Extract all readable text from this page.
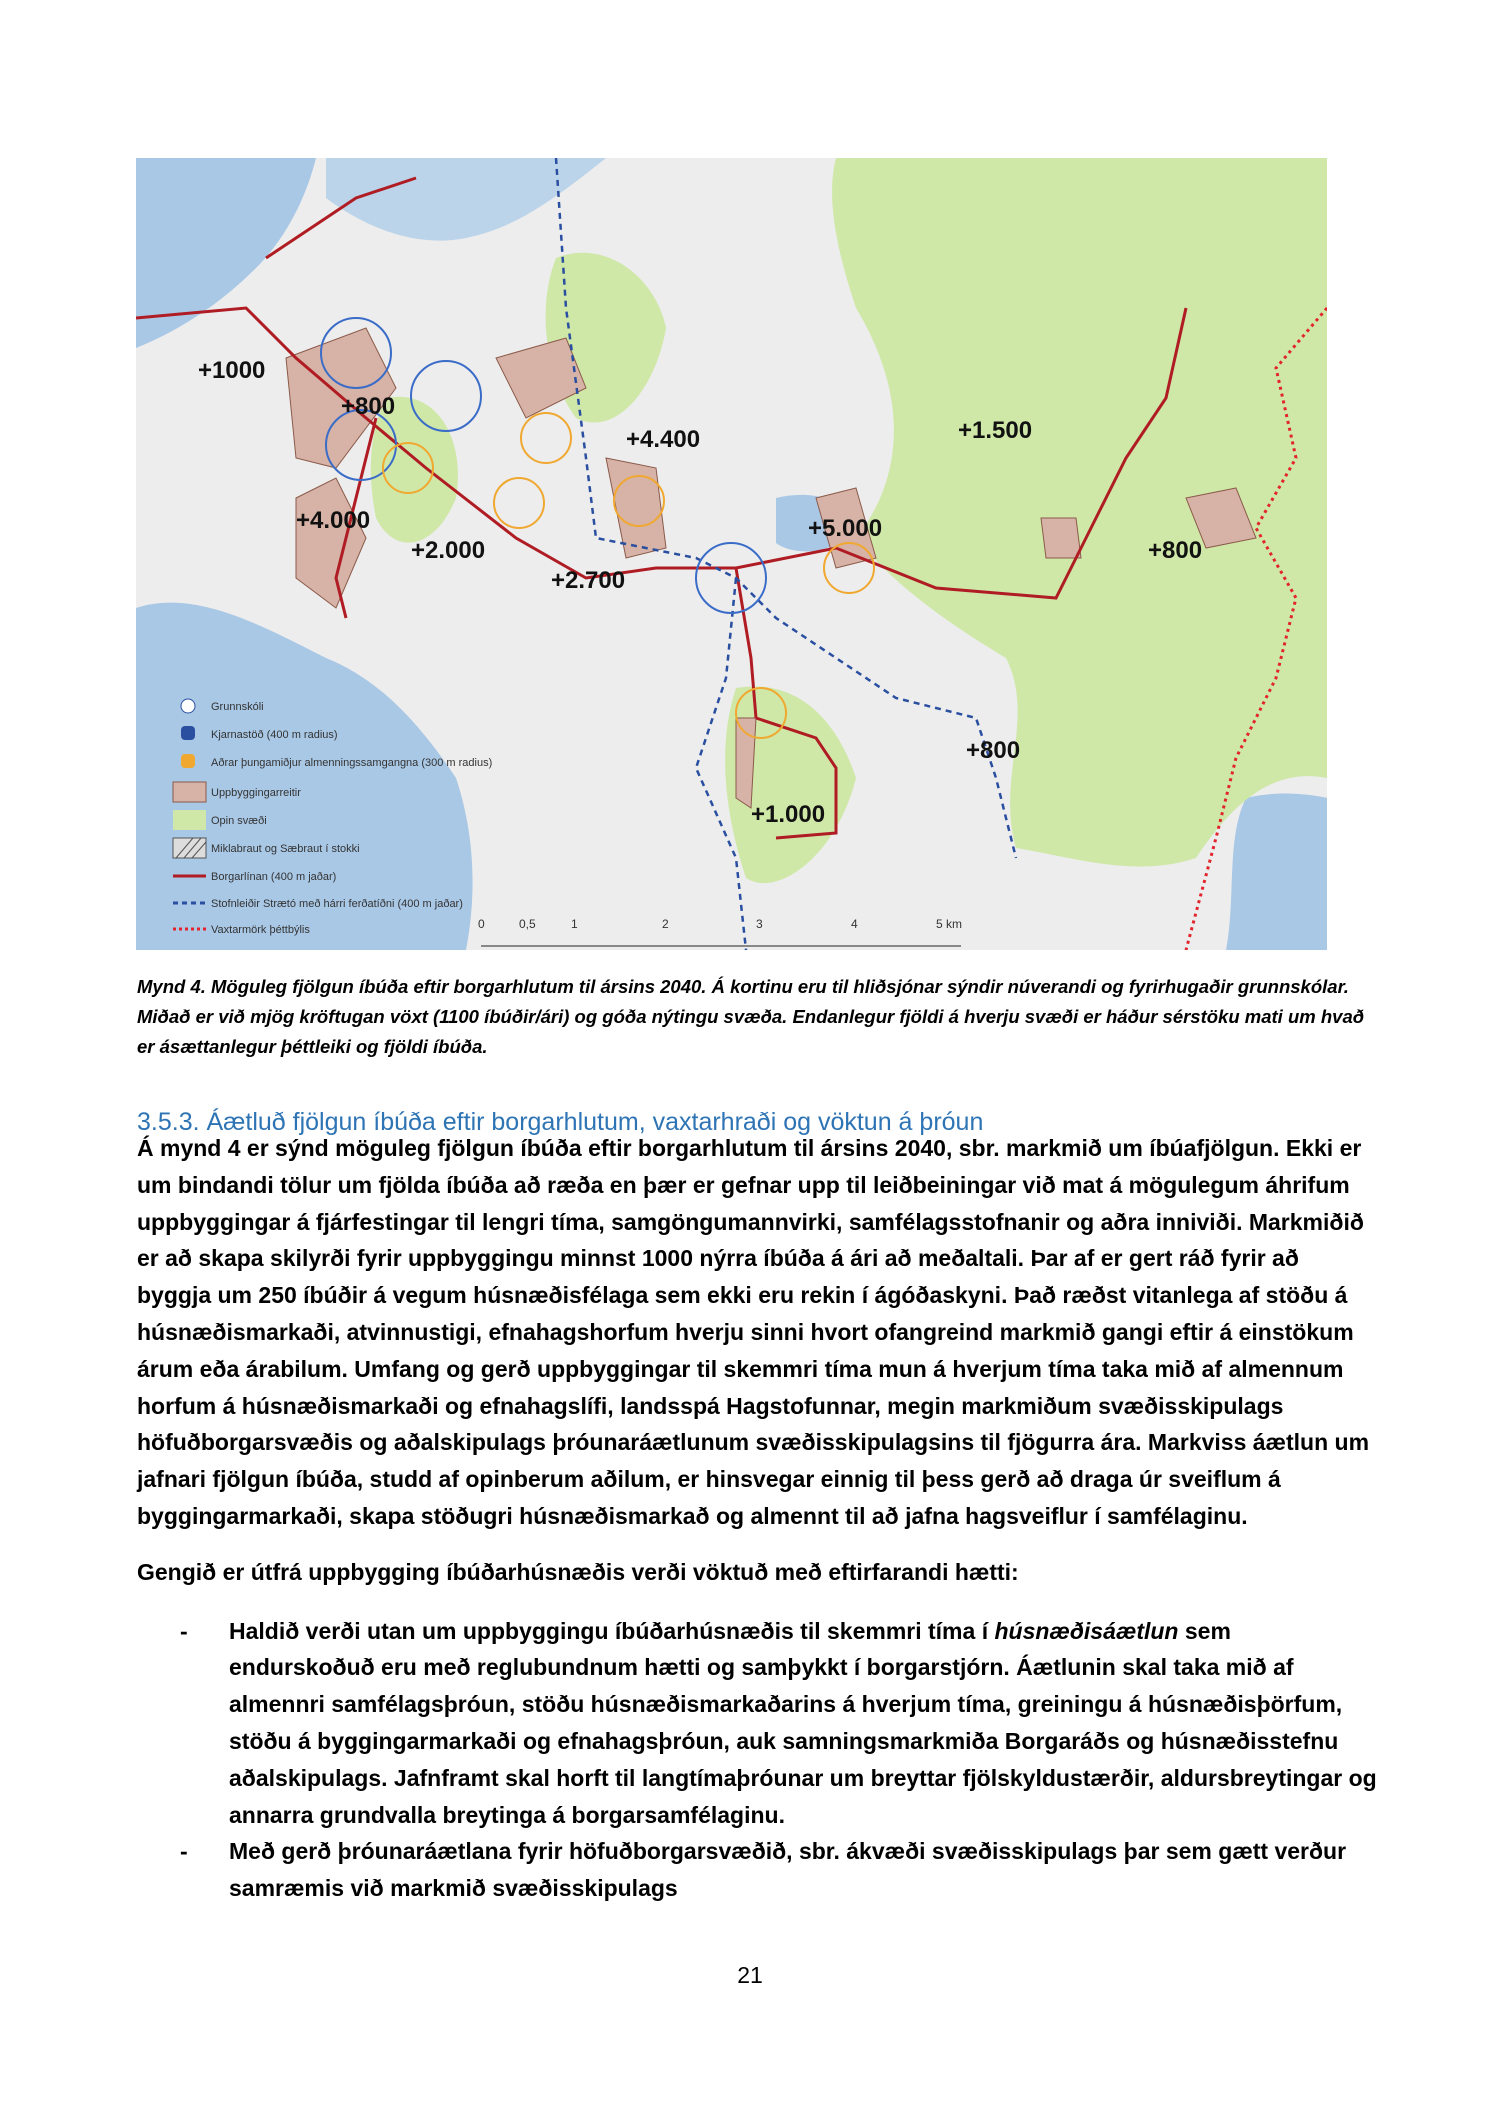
+1000
+800
+4.000
+2.000
+2.700
+4.400	+1.500
+5.000
+800
+800
+1.000
Grunnskóli
Kjarnastöð (400 m radius)
Aðrar þungamiðjur almenningssamgangna (300 m radius)
Uppbyggingarreitir
Opin svæði
Miklabraut og Sæbraut í stokki
Borgarlínan (400 m jaðar)
Stofnleiðir Strætó með hárri ferðatíðni (400 m jaðar)
Vaxtarmörk þéttbýlis	0	0,5	1	2	3	4	5 km
Mynd 4. Möguleg fjölgun íbúða eftir borgarhlutum til ársins 2040. Á kortinu eru til hliðsjónar sýndir núverandi og fyrirhugaðir grunnskólar. Miðað er við mjög kröftugan vöxt (1100 íbúðir/ári) og góða nýtingu svæða. Endanlegur fjöldi á hverju svæði er háður sérstöku mati um hvað er ásættanlegur þéttleiki og fjöldi íbúða.
3.5.3. Áætluð fjölgun íbúða eftir borgarhlutum, vaxtarhraði og vöktun á þróun

Á mynd 4 er sýnd möguleg fjölgun íbúða eftir borgarhlutum til ársins 2040, sbr. markmið um íbúafjölgun. Ekki er um bindandi tölur um fjölda íbúða að ræða en þær er gefnar upp til leiðbeiningar við mat á mögulegum áhrifum uppbyggingar á fjárfestingar til lengri tíma, samgöngumannvirki, samfélagsstofnanir og aðra inniviði. Markmiðið er að skapa skilyrði fyrir uppbyggingu minnst 1000 nýrra íbúða á ári að meðaltali. Þar af er gert ráð fyrir að byggja um 250 íbúðir á vegum húsnæðisfélaga sem ekki eru rekin í ágóðaskyni. Það ræðst vitanlega af stöðu á húsnæðismarkaði, atvinnustigi, efnahagshorfum hverju sinni hvort ofangreind markmið gangi eftir á einstökum árum eða árabilum. Umfang og gerð uppbyggingar til skemmri tíma mun á hverjum tíma taka mið af almennum horfum á húsnæðismarkaði og efnahagslífi, landsspá Hagstofunnar, megin markmiðum svæðisskipulags höfuðborgarsvæðis og aðalskipulags þróunaráætlunum svæðisskipulagsins til fjögurra ára. Markviss áætlun um jafnari fjölgun íbúða, studd af opinberum aðilum, er hinsvegar einnig til þess gerð að draga úr sveiflum á byggingarmarkaði, skapa stöðugri húsnæðismarkað og almennt til að jafna hagsveiflur í samfélaginu.

Gengið er útfrá uppbygging íbúðarhúsnæðis verði vöktuð með eftirfarandi hætti:

- Haldið verði utan um uppbyggingu íbúðarhúsnæðis til skemmri tíma í húsnæðisáætlun sem endurskoðuð eru með reglubundnum hætti og samþykkt í borgarstjórn. Áætlunin skal taka mið af almennri samfélagsþróun, stöðu húsnæðismarkaðarins á hverjum tíma, greiningu á húsnæðisþörfum, stöðu á byggingarmarkaði og efnahagsþróun, auk samningsmarkmiða Borgaráðs og húsnæðisstefnu aðalskipulags. Jafnframt skal horft til langtímaþróunar um breyttar fjölskyldustærðir, aldursbreytingar og annarra grundvalla breytinga á borgarsamfélaginu.
- Með gerð þróunaráætlana fyrir höfuðborgarsvæðið, sbr. ákvæði svæðisskipulags þar sem gætt verður samræmis við markmið svæðisskipulags
21
